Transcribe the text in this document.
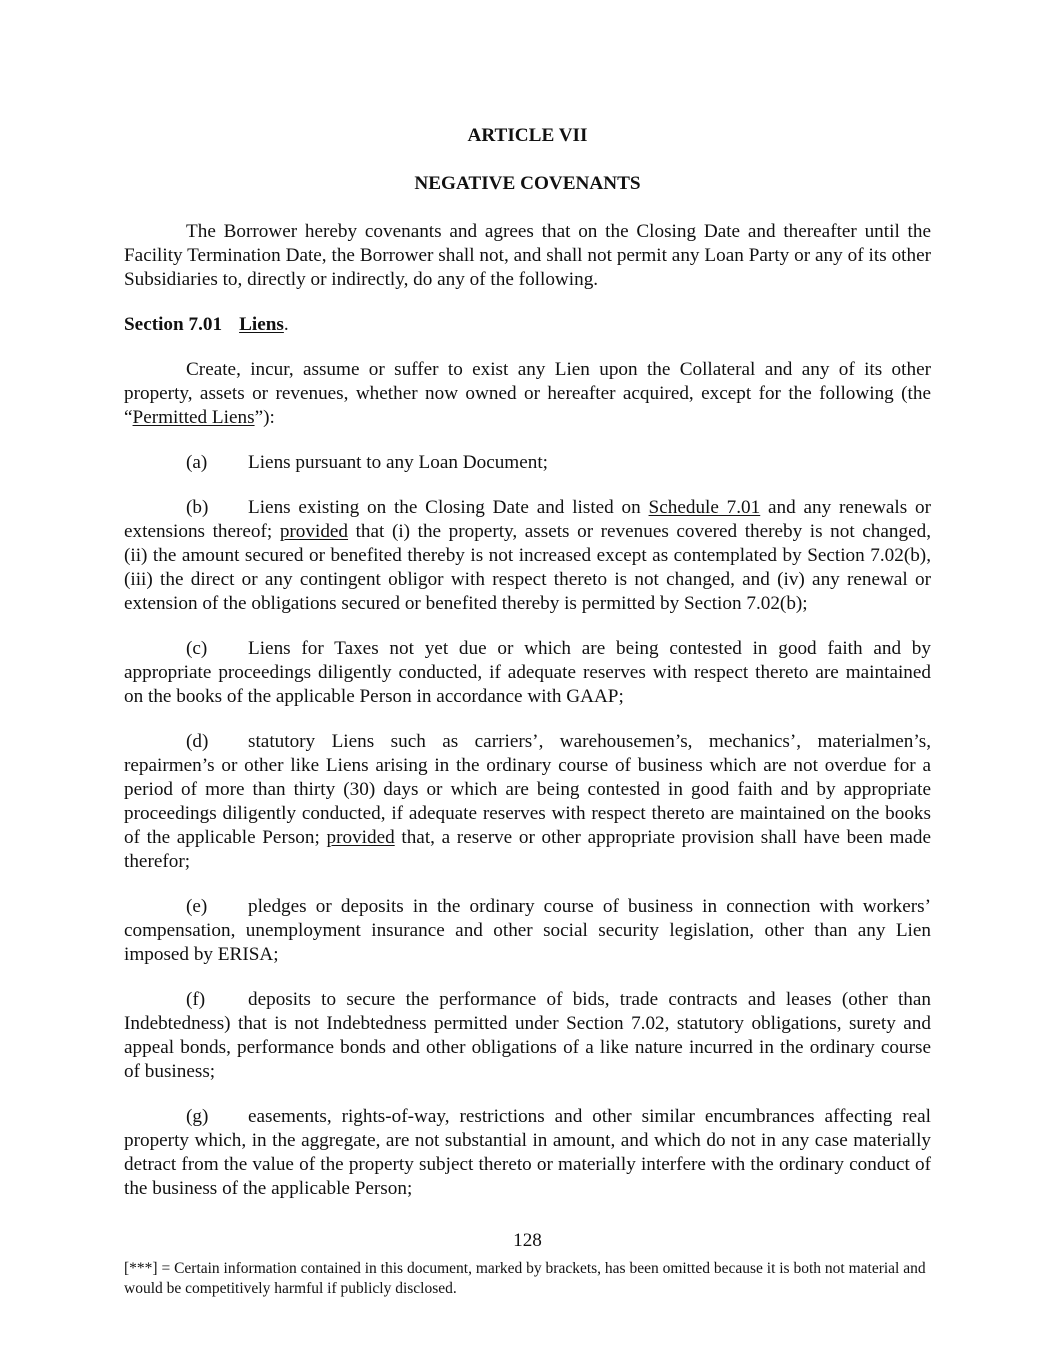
ARTICLE VII

NEGATIVE COVENANTS

The Borrower hereby covenants and agrees that on the Closing Date and thereafter until the Facility Termination Date, the Borrower shall not, and shall not permit any Loan Party or any of its other Subsidiaries to, directly or indirectly, do any of the following.

Section 7.01 Liens.

Create, incur, assume or suffer to exist any Lien upon the Collateral and any of its other property, assets or revenues, whether now owned or hereafter acquired, except for the following (the “Permitted Liens”):

(a) Liens pursuant to any Loan Document;

(b) Liens existing on the Closing Date and listed on Schedule 7.01 and any renewals or extensions thereof; provided that (i) the property, assets or revenues covered thereby is not changed, (ii) the amount secured or benefited thereby is not increased except as contemplated by Section 7.02(b), (iii) the direct or any contingent obligor with respect thereto is not changed, and (iv) any renewal or extension of the obligations secured or benefited thereby is permitted by Section 7.02(b);

(c) Liens for Taxes not yet due or which are being contested in good faith and by appropriate proceedings diligently conducted, if adequate reserves with respect thereto are maintained on the books of the applicable Person in accordance with GAAP;

(d) statutory Liens such as carriers’, warehousemen’s, mechanics’, materialmen’s, repairmen’s or other like Liens arising in the ordinary course of business which are not overdue for a period of more than thirty (30) days or which are being contested in good faith and by appropriate proceedings diligently conducted, if adequate reserves with respect thereto are maintained on the books of the applicable Person; provided that, a reserve or other appropriate provision shall have been made therefor;

(e) pledges or deposits in the ordinary course of business in connection with workers’ compensation, unemployment insurance and other social security legislation, other than any Lien imposed by ERISA;

(f) deposits to secure the performance of bids, trade contracts and leases (other than Indebtedness) that is not Indebtedness permitted under Section 7.02, statutory obligations, surety and appeal bonds, performance bonds and other obligations of a like nature incurred in the ordinary course of business;

(g) easements, rights-of-way, restrictions and other similar encumbrances affecting real property which, in the aggregate, are not substantial in amount, and which do not in any case materially detract from the value of the property subject thereto or materially interfere with the ordinary conduct of the business of the applicable Person;

128
[***] = Certain information contained in this document, marked by brackets, has been omitted because it is both not material and would be competitively harmful if publicly disclosed.
